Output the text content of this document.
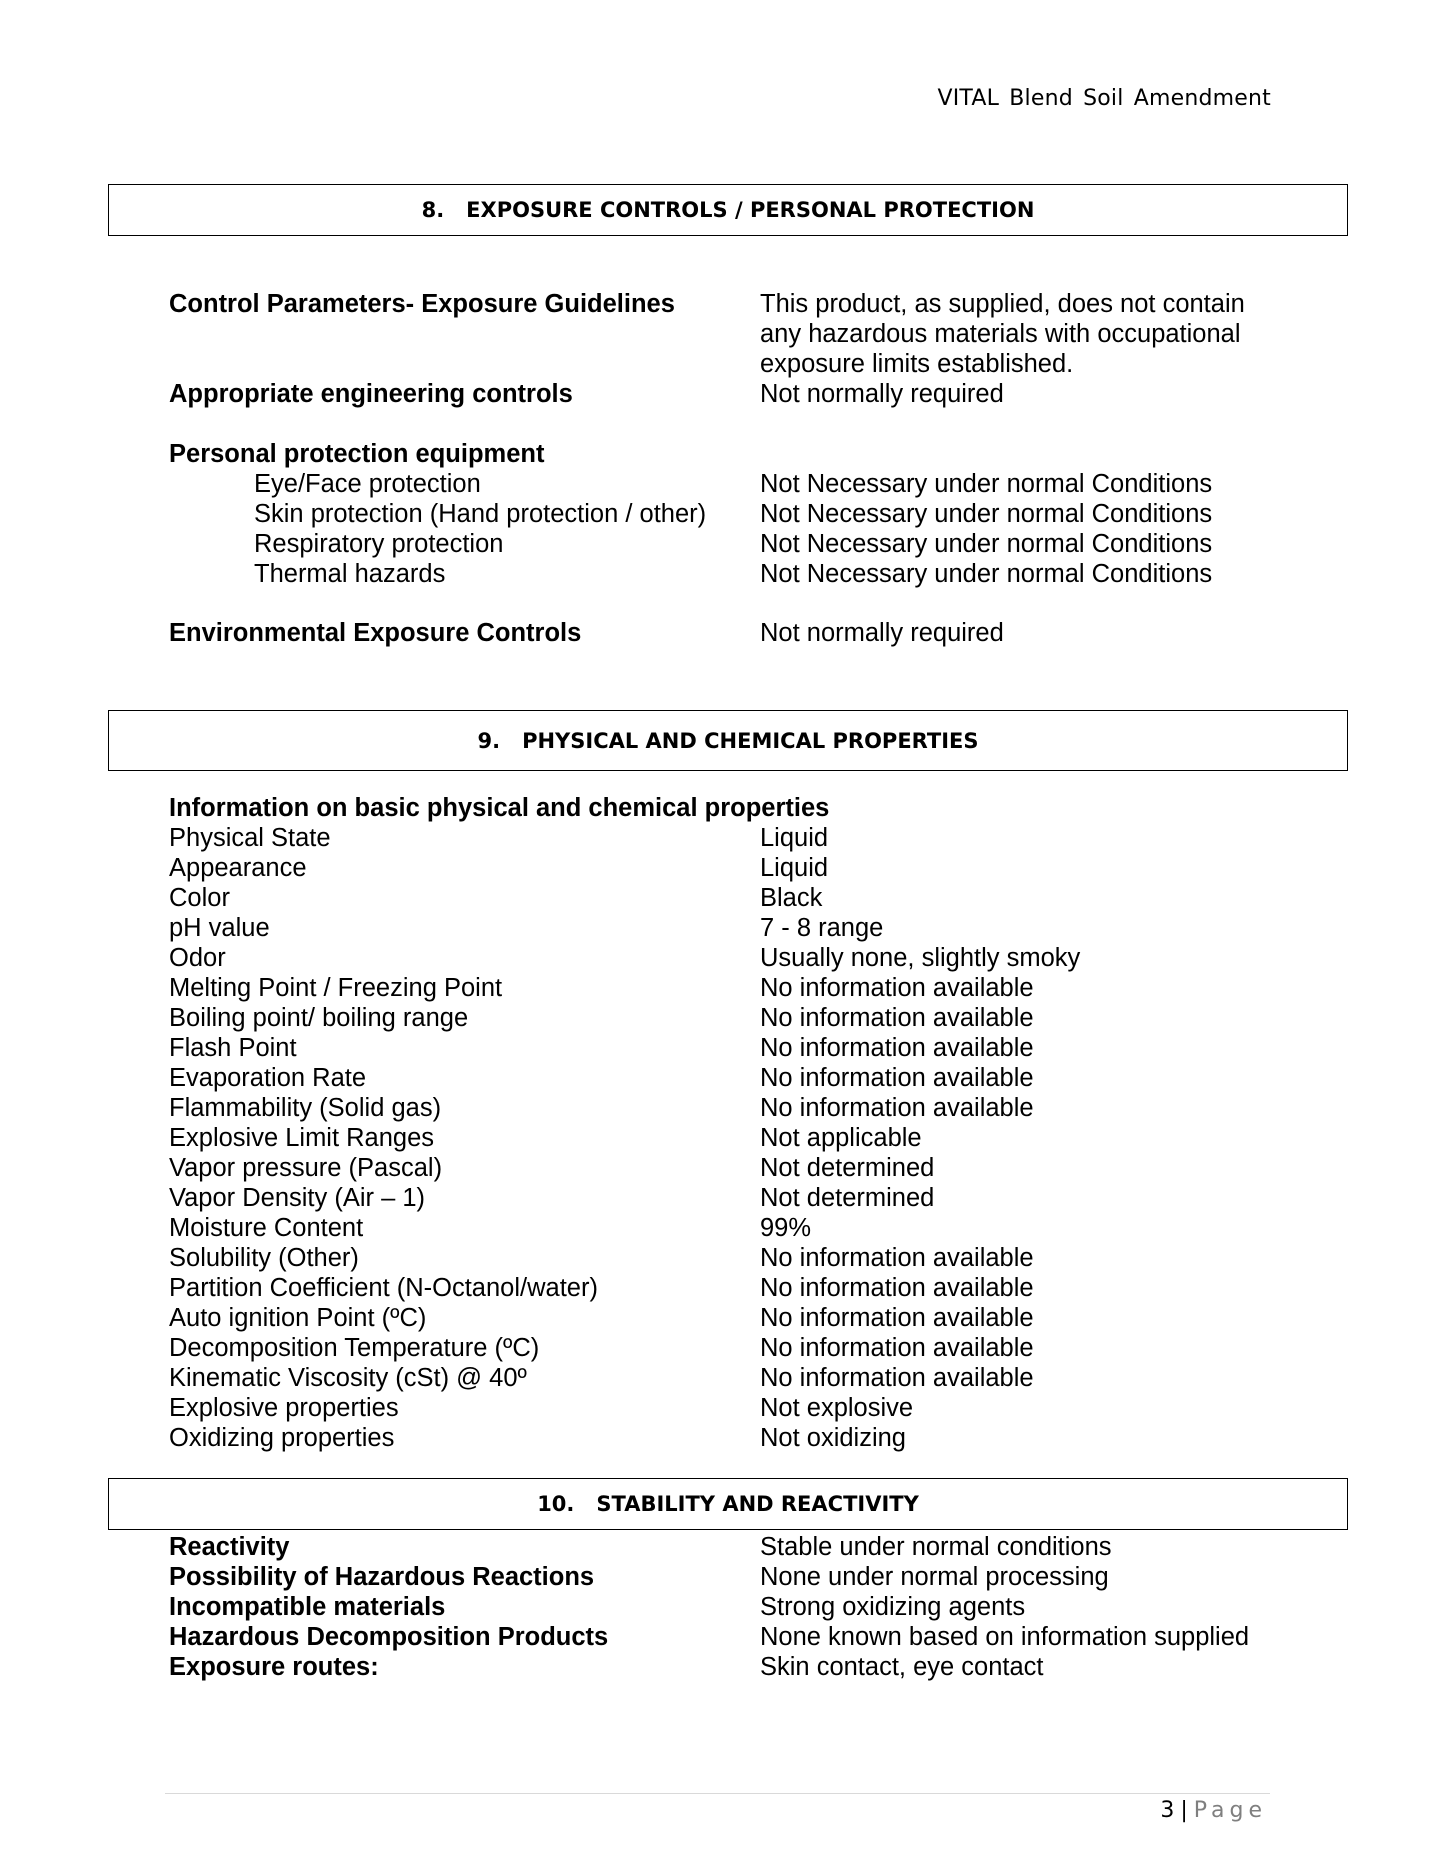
VITAL Blend Soil Amendment
8. EXPOSURE CONTROLS / PERSONAL PROTECTION
Control Parameters- Exposure Guidelines	This product, as supplied, does not contain
any hazardous materials with occupational
exposure limits established.
Appropriate engineering controls	Not normally required
Personal protection equipment
Eye/Face protection	Not Necessary under normal Conditions
Skin protection (Hand protection / other) Not Necessary under normal Conditions
Respiratory protection	Not Necessary under normal Conditions
Thermal hazards	Not Necessary under normal Conditions
Environmental Exposure Controls	Not normally required
9. PHYSICAL AND CHEMICAL PROPERTIES
Information on basic physical and chemical properties
Physical State	Liquid
Appearance	Liquid
Color	Black
pH value	7 - 8 range
Odor	Usually none, slightly smoky
Melting Point / Freezing Point	No information available
Boiling point/ boiling range	No information available
Flash Point	No information available
Evaporation Rate	No information available
Flammability (Solid gas)	No information available
Explosive Limit Ranges	Not applicable
Vapor pressure (Pascal)	Not determined
Vapor Density (Air – 1)	Not determined
Moisture Content	99%
Solubility (Other)	No information available
Partition Coefficient (N-Octanol/water)	No information available
Auto ignition Point (ºC)	No information available
Decomposition Temperature (ºC)	No information available
Kinematic Viscosity (cSt) @ 40º	No information available
Explosive properties	Not explosive
Oxidizing properties	Not oxidizing
10. STABILITY AND REACTIVITY
Reactivity	Stable under normal conditions
Possibility of Hazardous Reactions	None under normal processing
Incompatible materials	Strong oxidizing agents
Hazardous Decomposition Products	None known based on information supplied
Exposure routes:	Skin contact, eye contact
3 | Page
